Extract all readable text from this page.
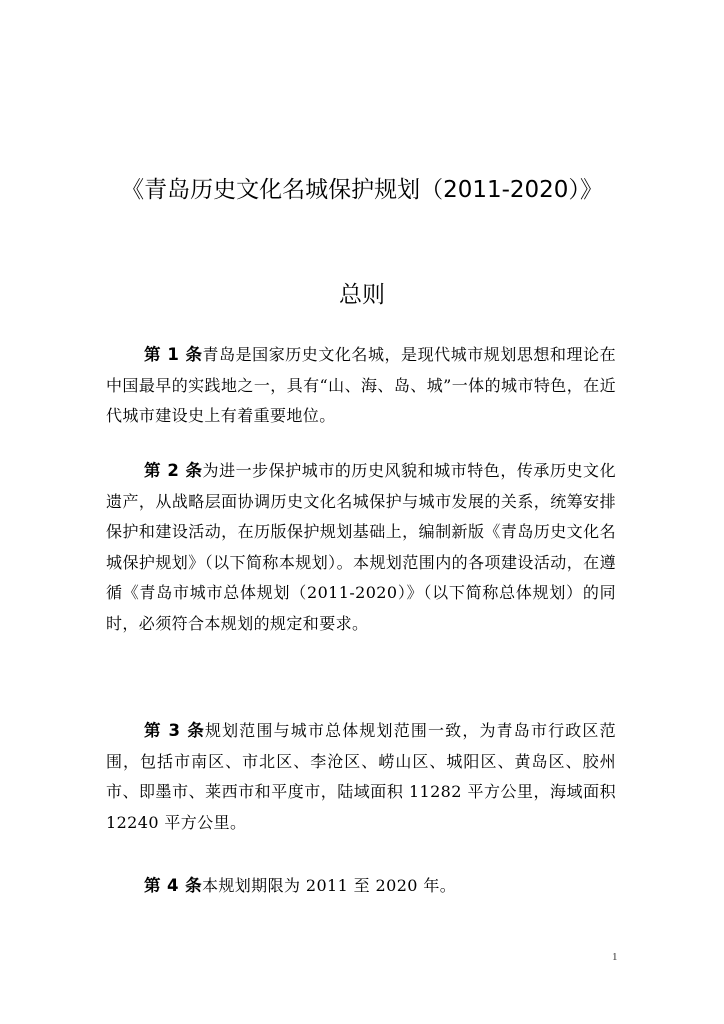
《青岛历史文化名城保护规划（2011-2020）》
总则

第 1 条青岛是国家历史文化名城，是现代城市规划思想和理论在中国最早的实践地之一，具有“山、海、岛、城”一体的城市特色，在近代城市建设史上有着重要地位。

第 2 条为进一步保护城市的历史风貌和城市特色，传承历史文化遗产，从战略层面协调历史文化名城保护与城市发展的关系，统筹安排保护和建设活动，在历版保护规划基础上，编制新版《青岛历史文化名城保护规划》（以下简称本规划）。本规划范围内的各项建设活动，在遵循《青岛市城市总体规划（2011-2020）》（以下简称总体规划）的同时，必须符合本规划的规定和要求。

第 3 条规划范围与城市总体规划范围一致，为青岛市行政区范围，包括市南区、市北区、李沧区、崂山区、城阳区、黄岛区、胶州市、即墨市、莱西市和平度市，陆域面积 11282 平方公里，海域面积 12240 平方公里。

第 4 条本规划期限为 2011 至 2020 年。

1
